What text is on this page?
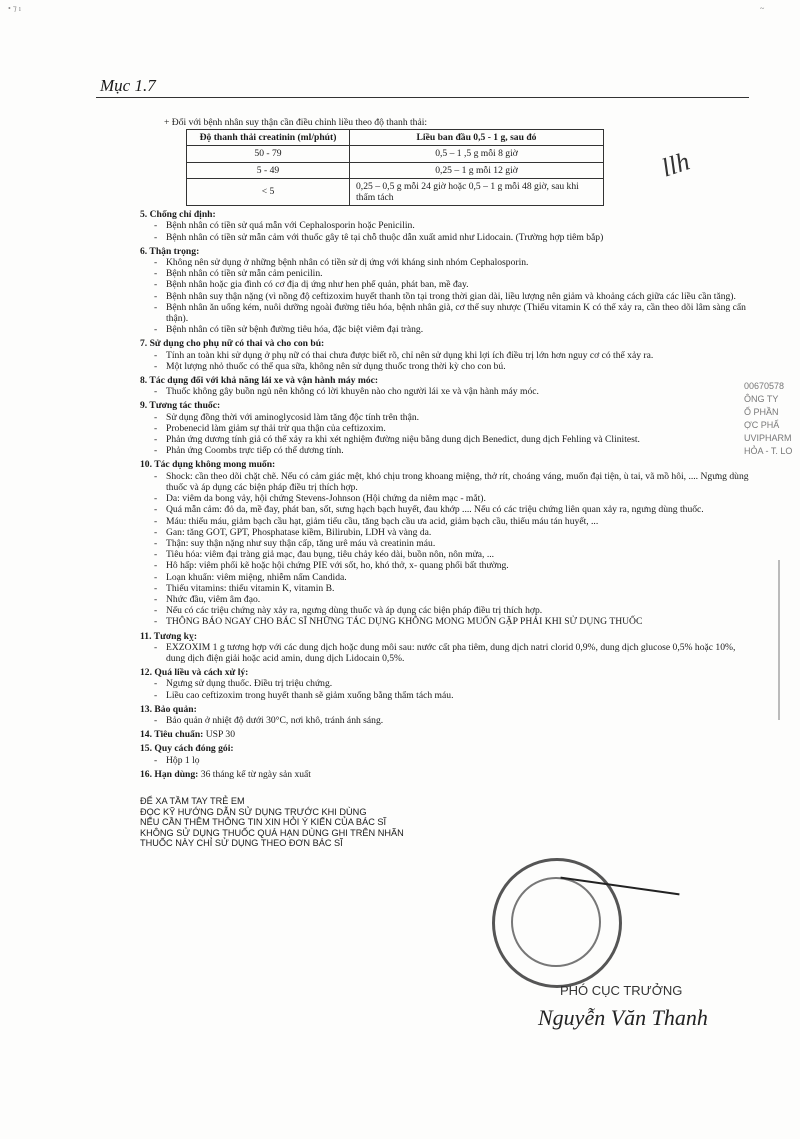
• ⁊ ı	~
Mục 1.7
+ Đối với bệnh nhân suy thận cần điều chỉnh liều theo độ thanh thải:
Độ thanh thải creatinin (ml/phút)	Liều ban đầu 0,5 - 1 g, sau đó
50 - 79	0,5 – 1 ,5 g mỗi 8 giờ
5 - 49	0,25 – 1 g mỗi 12 giờ
< 5	0,25 – 0,5 g mỗi 24 giờ hoặc 0,5 – 1 g mỗi 48 giờ, sau khi thẩm tách
5. Chống chỉ định:
- Bệnh nhân có tiền sử quá mẫn với Cephalosporin hoặc Penicilin.
- Bệnh nhân có tiền sử mẫn cảm với thuốc gây tê tại chỗ thuộc dẫn xuất amid như Lidocain. (Trường hợp tiêm bắp)
6. Thận trọng:
- Không nên sử dụng ở những bệnh nhân có tiền sử dị ứng với kháng sinh nhóm Cephalosporin.
- Bệnh nhân có tiền sử mẫn cảm penicilin.
- Bệnh nhân hoặc gia đình có cơ địa dị ứng như hen phế quản, phát ban, mề đay.
- Bệnh nhân suy thận nặng (vì nồng độ ceftizoxim huyết thanh tồn tại trong thời gian dài, liều lượng nên giảm và khoảng cách giữa các liều cần tăng).
- Bệnh nhân ăn uống kém, nuôi dưỡng ngoài đường tiêu hóa, bệnh nhân già, cơ thể suy nhược (Thiếu vitamin K có thể xảy ra, cần theo dõi lâm sàng cẩn thận).
- Bệnh nhân có tiền sử bệnh đường tiêu hóa, đặc biệt viêm đại tràng.
7. Sử dụng cho phụ nữ có thai và cho con bú:
- Tính an toàn khi sử dụng ở phụ nữ có thai chưa được biết rõ, chỉ nên sử dụng khi lợi ích điều trị lớn hơn nguy cơ có thể xảy ra.
- Một lượng nhỏ thuốc có thể qua sữa, không nên sử dụng thuốc trong thời kỳ cho con bú.
8. Tác dụng đối với khả năng lái xe và vận hành máy móc:
- Thuốc không gây buồn ngủ nên không có lời khuyên nào cho người lái xe và vận hành máy móc.
9. Tương tác thuốc:
- Sử dụng đồng thời với aminoglycosid làm tăng độc tính trên thận.
- Probenecid làm giảm sự thải trừ qua thận của ceftizoxim.
- Phản ứng dương tính giả có thể xảy ra khi xét nghiệm đường niệu bằng dung dịch Benedict, dung dịch Fehling và Clinitest.
- Phản ứng Coombs trực tiếp có thể dương tính.
10. Tác dụng không mong muốn:
- Shock: cần theo dõi chặt chẽ. Nếu có cảm giác mệt, khó chịu trong khoang miệng, thở rít, choáng váng, muốn đại tiện, ù tai, vã mồ hôi, .... Ngưng dùng thuốc và áp dụng các biện pháp điều trị thích hợp.
- Da: viêm da bong vảy, hội chứng Stevens-Johnson (Hội chứng da niêm mạc - mắt).
- Quá mẫn cảm: đỏ da, mề đay, phát ban, sốt, sưng hạch bạch huyết, đau khớp .... Nếu có các triệu chứng liên quan xảy ra, ngưng dùng thuốc.
- Máu: thiếu máu, giảm bạch cầu hạt, giảm tiểu cầu, tăng bạch cầu ưa acid, giảm bạch cầu, thiếu máu tán huyết, ...
- Gan: tăng GOT, GPT, Phosphatase kiềm, Bilirubin, LDH và vàng da.
- Thận: suy thận nặng như suy thận cấp, tăng urê máu và creatinin máu.
- Tiêu hóa: viêm đại tràng giả mạc, đau bụng, tiêu chảy kéo dài, buồn nôn, nôn mửa, ...
- Hô hấp: viêm phổi kẽ hoặc hội chứng PIE với sốt, ho, khó thở, x- quang phổi bất thường.
- Loạn khuẩn: viêm miệng, nhiễm nấm Candida.
- Thiếu vitamins: thiếu vitamin K, vitamin B.
- Nhức đầu, viêm âm đạo.
- Nếu có các triệu chứng này xảy ra, ngưng dùng thuốc và áp dụng các biện pháp điều trị thích hợp.
- THÔNG BÁO NGAY CHO BÁC SĨ NHỮNG TÁC DỤNG KHÔNG MONG MUỐN GẶP PHẢI KHI SỬ DỤNG THUỐC
11. Tương kỵ:
- EXZOXIM 1 g tương hợp với các dung dịch hoặc dung môi sau: nước cất pha tiêm, dung dịch natri clorid 0,9%, dung dịch glucose 0,5% hoặc 10%, dung dịch điện giải hoặc acid amin, dung dịch Lidocain 0,5%.
12. Quá liều và cách xử lý:
- Ngưng sử dụng thuốc. Điều trị triệu chứng.
- Liều cao ceftizoxim trong huyết thanh sẽ giảm xuống bằng thẩm tách máu.
13. Bảo quản:
- Bảo quản ở nhiệt độ dưới 30°C, nơi khô, tránh ánh sáng.
14. Tiêu chuẩn: USP 30
15. Quy cách đóng gói:
- Hộp 1 lọ
16. Hạn dùng: 36 tháng kể từ ngày sản xuất
ĐỂ XA TẦM TAY TRẺ EM
ĐỌC KỸ HƯỚNG DẪN SỬ DỤNG TRƯỚC KHI DÙNG
NẾU CẦN THÊM THÔNG TIN XIN HỎI Ý KIẾN CỦA BÁC SĨ
KHÔNG SỬ DỤNG THUỐC QUÁ HẠN DÙNG GHI TRÊN NHÃN
THUỐC NÀY CHỈ SỬ DỤNG THEO ĐƠN BÁC SĨ
llh
00670578
ÔNG TY
Ổ PHẦN
ỢC PHẨ
UVIPHARM
HỎA - T. LO
PHÓ CỤC TRƯỞNG
Nguyễn Văn Thanh
